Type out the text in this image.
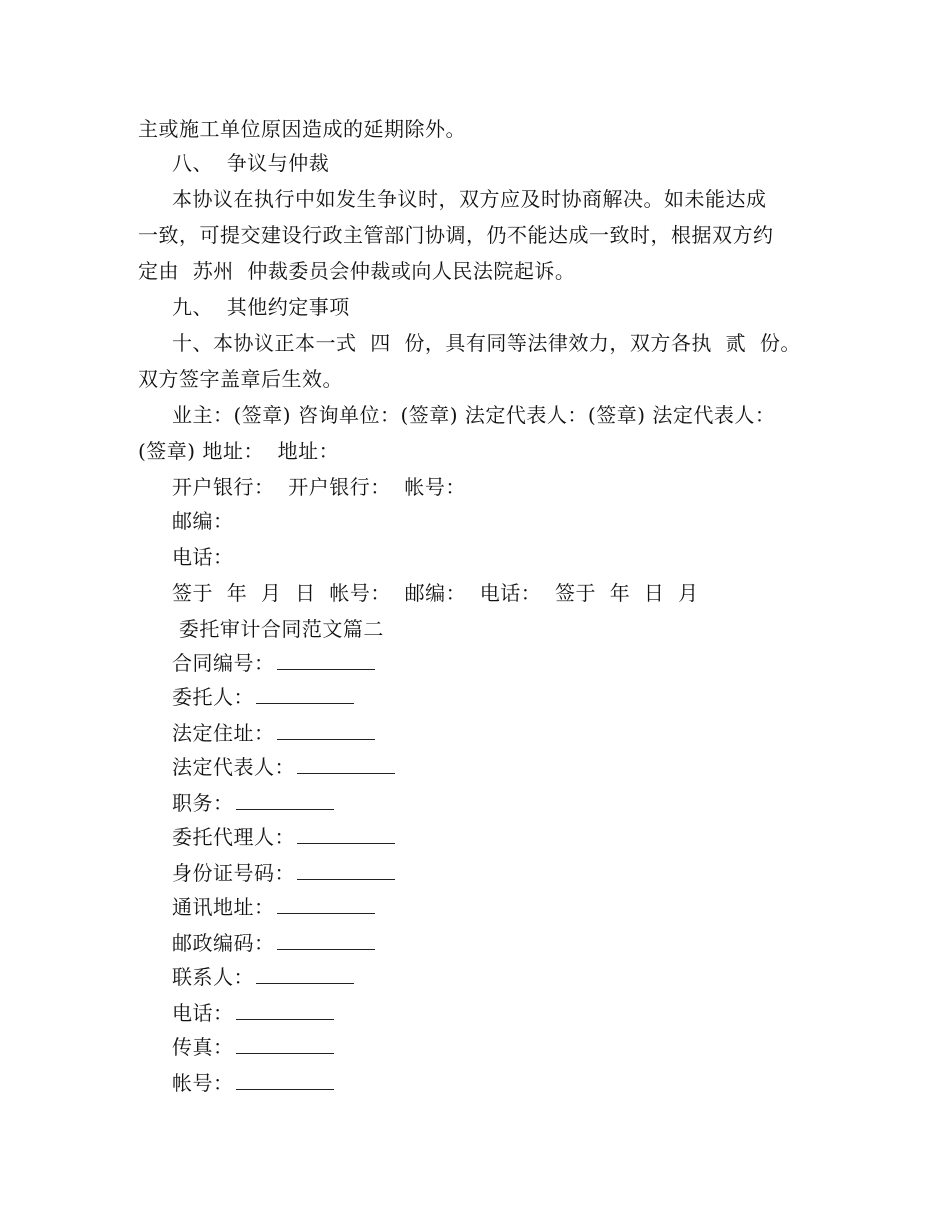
主或施工单位原因造成的延期除外。
八、  争议与仲裁
本协议在执行中如发生争议时，双方应及时协商解决。如未能达成
一致，可提交建设行政主管部门协调，仍不能达成一致时，根据双方约
定由  苏州  仲裁委员会仲裁或向人民法院起诉。
九、  其他约定事项
十、本协议正本一式  四  份，具有同等法律效力，双方各执  贰  份。
双方签字盖章后生效。
业主：(签章) 咨询单位：(签章) 法定代表人：(签章) 法定代表人：
(签章) 地址：  地址：
开户银行：  开户银行：  帐号：
邮编：
电话：
签于  年  月  日  帐号：  邮编：  电话：  签于  年  日  月
委托审计合同范文篇二
合同编号：
委托人：
法定住址：
法定代表人：
职务：
委托代理人：
身份证号码：
通讯地址：
邮政编码：
联系人：
电话：
传真：
帐号：
